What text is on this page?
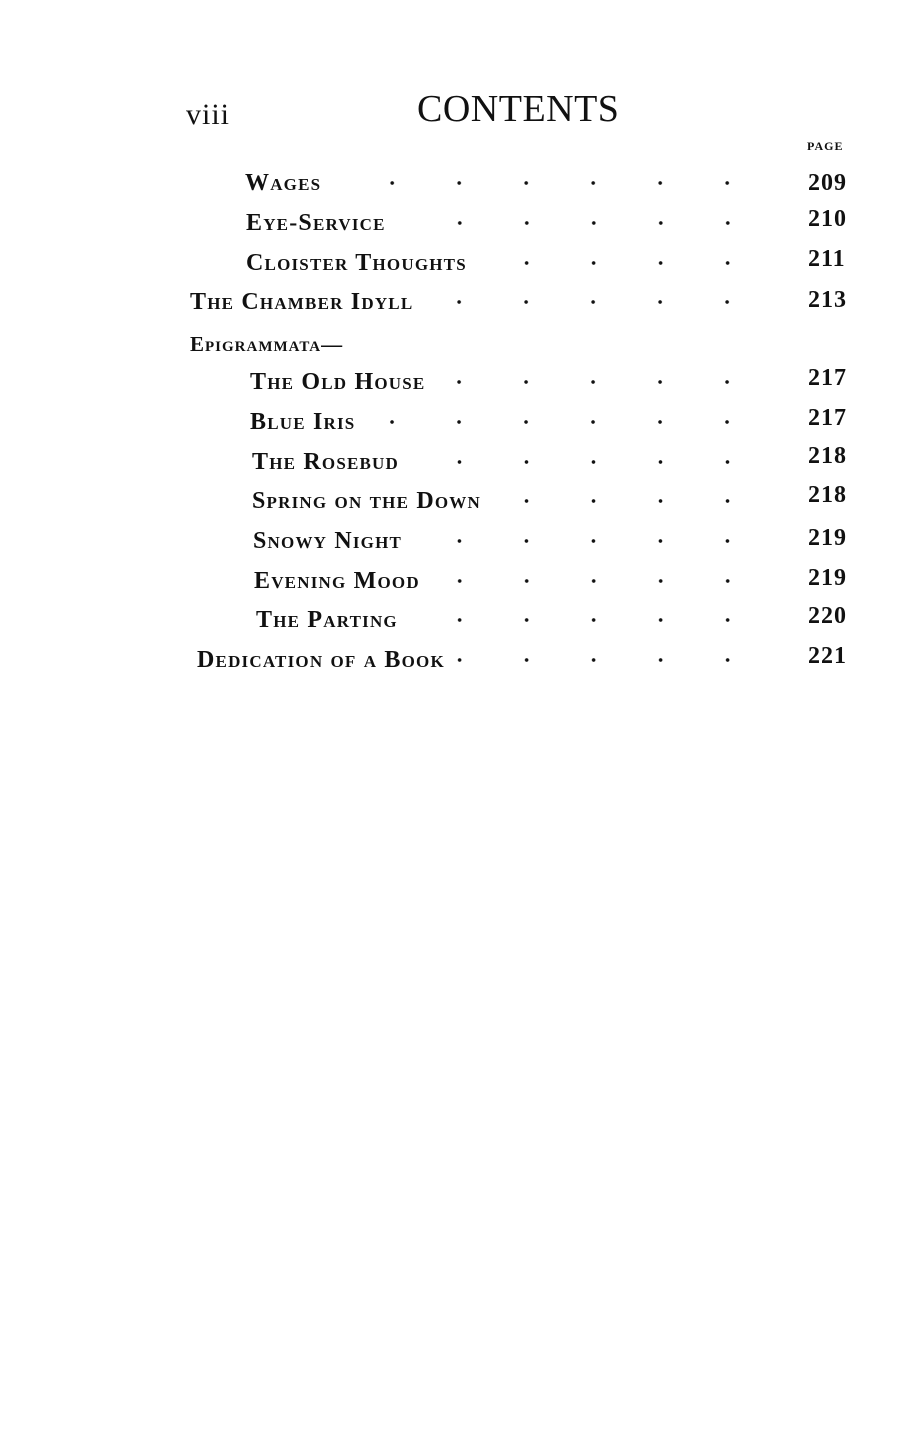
viii	CONTENTS
PAGE
Wages	209
Eye-Service	210
Cloister Thoughts	211
The Chamber Idyll	213
Epigrammata—
The Old House	217
Blue Iris	217
The Rosebud	218
Spring on the Down	218
Snowy Night	219
Evening Mood	219
The Parting	220
Dedication of a Book	221
